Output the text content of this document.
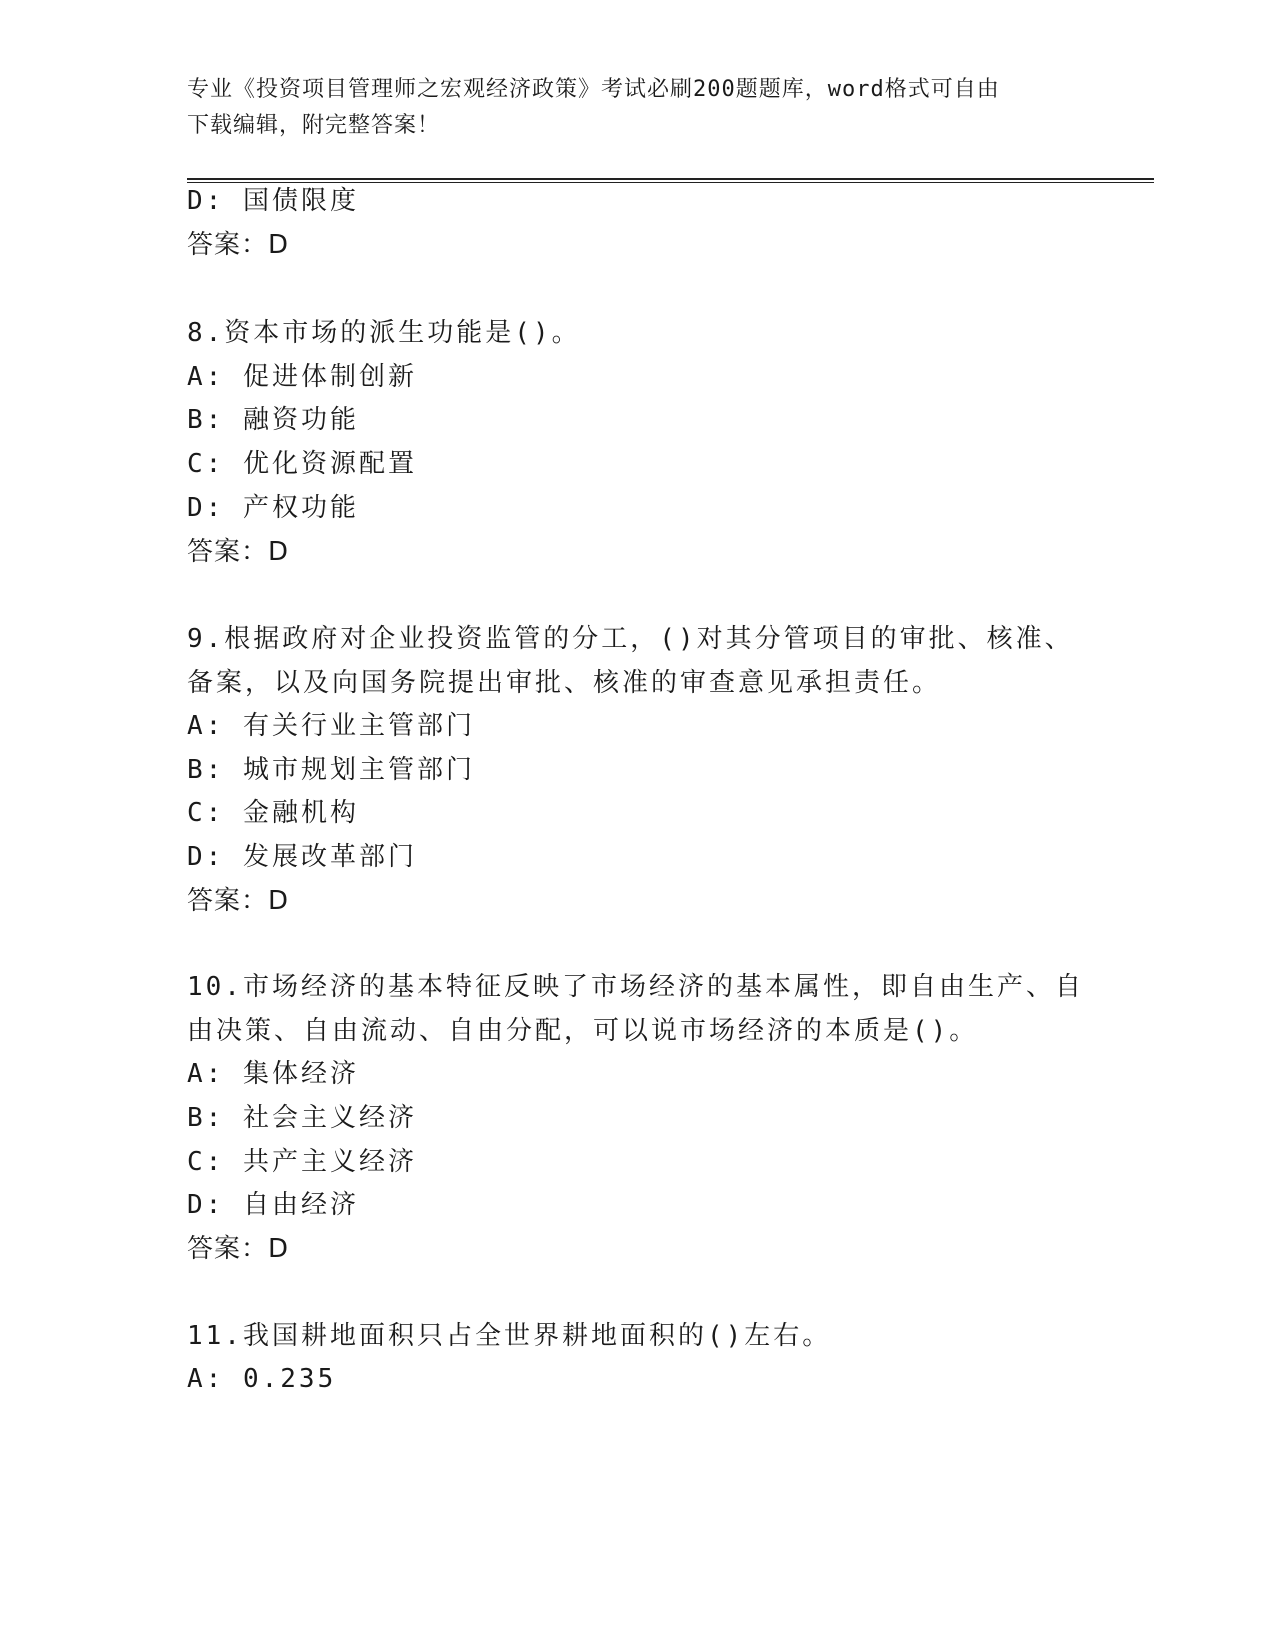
专业《投资项目管理师之宏观经济政策》考试必刷200题题库，word格式可自由
下载编辑，附完整答案！
D: 国债限度
答案：D
8.资本市场的派生功能是()。
A: 促进体制创新
B: 融资功能
C: 优化资源配置
D: 产权功能
答案：D
9.根据政府对企业投资监管的分工，()对其分管项目的审批、核准、
备案，以及向国务院提出审批、核准的审查意见承担责任。
A: 有关行业主管部门
B: 城市规划主管部门
C: 金融机构
D: 发展改革部门
答案：D
10.市场经济的基本特征反映了市场经济的基本属性，即自由生产、自
由决策、自由流动、自由分配，可以说市场经济的本质是()。
A: 集体经济
B: 社会主义经济
C: 共产主义经济
D: 自由经济
答案：D
11.我国耕地面积只占全世界耕地面积的()左右。
A: 0.235
